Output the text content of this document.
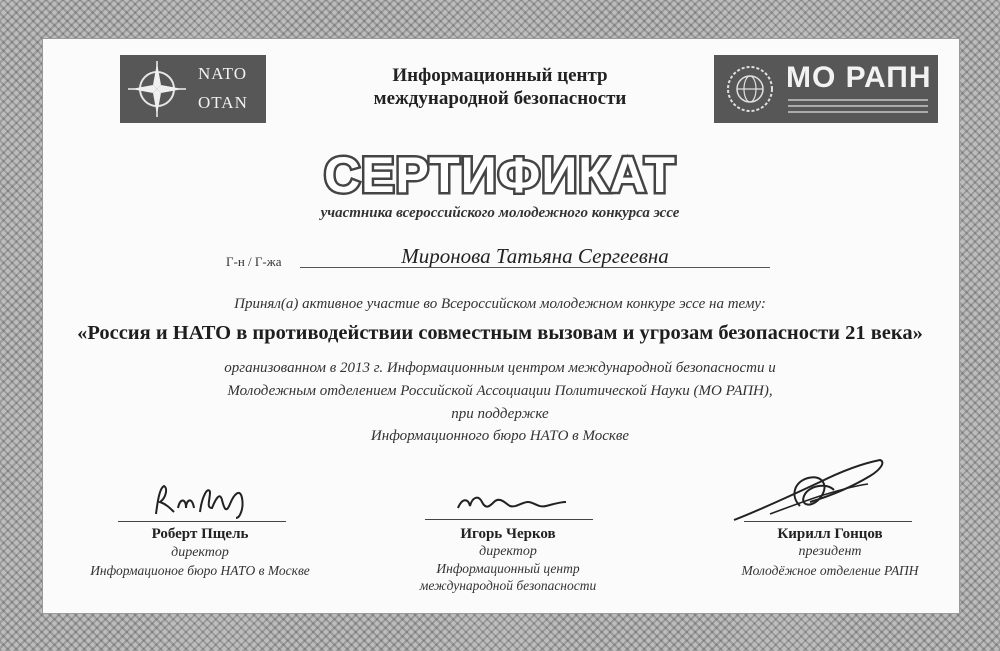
NATO
OTAN
Информационный центр
международной безопасности
МО РАПН
СЕРТИФИКАТ
участника всероссийского молодежного конкурса эссе
Г-н / Г-жа	Миронова Татьяна Сергеевна
Принял(а) активное участие во Всероссийском молодежном конкуре эссе на тему:
«Россия и НАТО в противодействии совместным вызовам и угрозам безопасности 21 века»
организованном в 2013 г. Информационным центром международной безопасности и
Молодежным отделением Российской Ассоциации Политической Науки (МО РАПН),
при поддержке
Информационного бюро НАТО в Москве
Роберт Пщель
директор
Информационое бюро НАТО в Москве
Игорь Черков
директор
Информационный центр
международной безопасности
Кирилл Гонцов
президент
Молодёжное отделение РАПН
